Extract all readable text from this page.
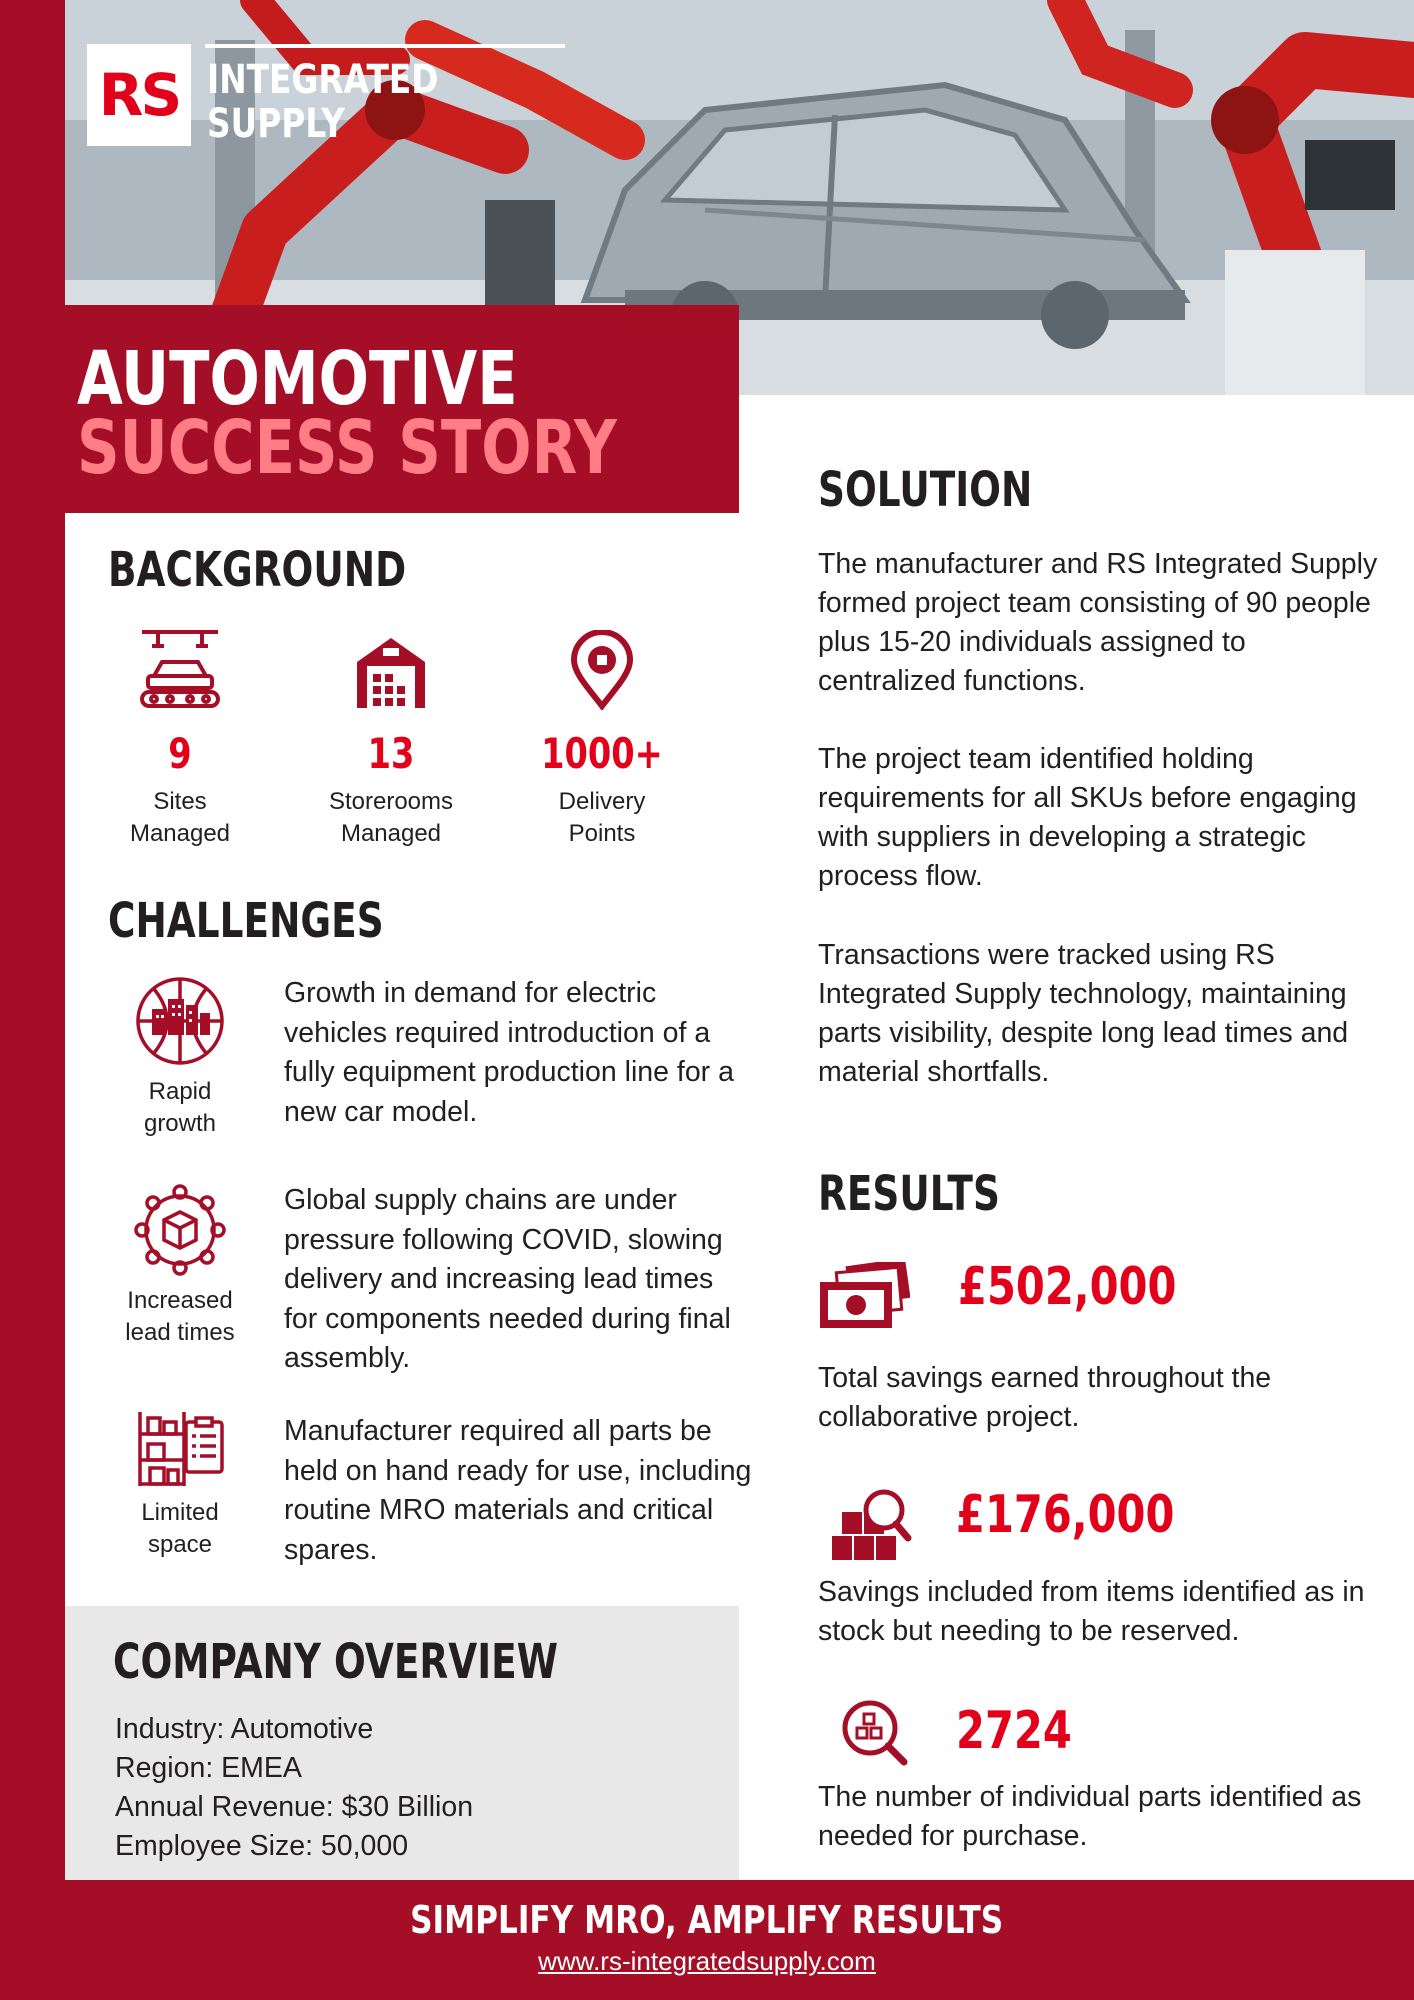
RS INTEGRATED
SUPPLY
AUTOMOTIVE
SUCCESS STORY
BACKGROUND
9
Sites
Managed
13
Storerooms
Managed
1000+
Delivery
Points
CHALLENGES
Rapid
growth
Growth in demand for electric vehicles required introduction of a fully equipment production line for a new car model.
Increased
lead times
Global supply chains are under pressure following COVID, slowing delivery and increasing lead times for components needed during final assembly.
Limited
space
Manufacturer required all parts be held on hand ready for use, including routine MRO materials and critical spares.
COMPANY OVERVIEW
Industry: Automotive
Region: EMEA
Annual Revenue: $30 Billion
Employee Size: 50,000
SOLUTION
The manufacturer and RS Integrated Supply formed project team consisting of 90 people plus 15-20 individuals assigned to centralized functions.
The project team identified holding requirements for all SKUs before engaging with suppliers in developing a strategic process flow.
Transactions were tracked using RS Integrated Supply technology, maintaining parts visibility, despite long lead times and material shortfalls.
RESULTS
£502,000
Total savings earned throughout the collaborative project.
£176,000
Savings included from items identified as in stock but needing to be reserved.
2724
The number of individual parts identified as needed for purchase.
SIMPLIFY MRO, AMPLIFY RESULTS
www.rs-integratedsupply.com
